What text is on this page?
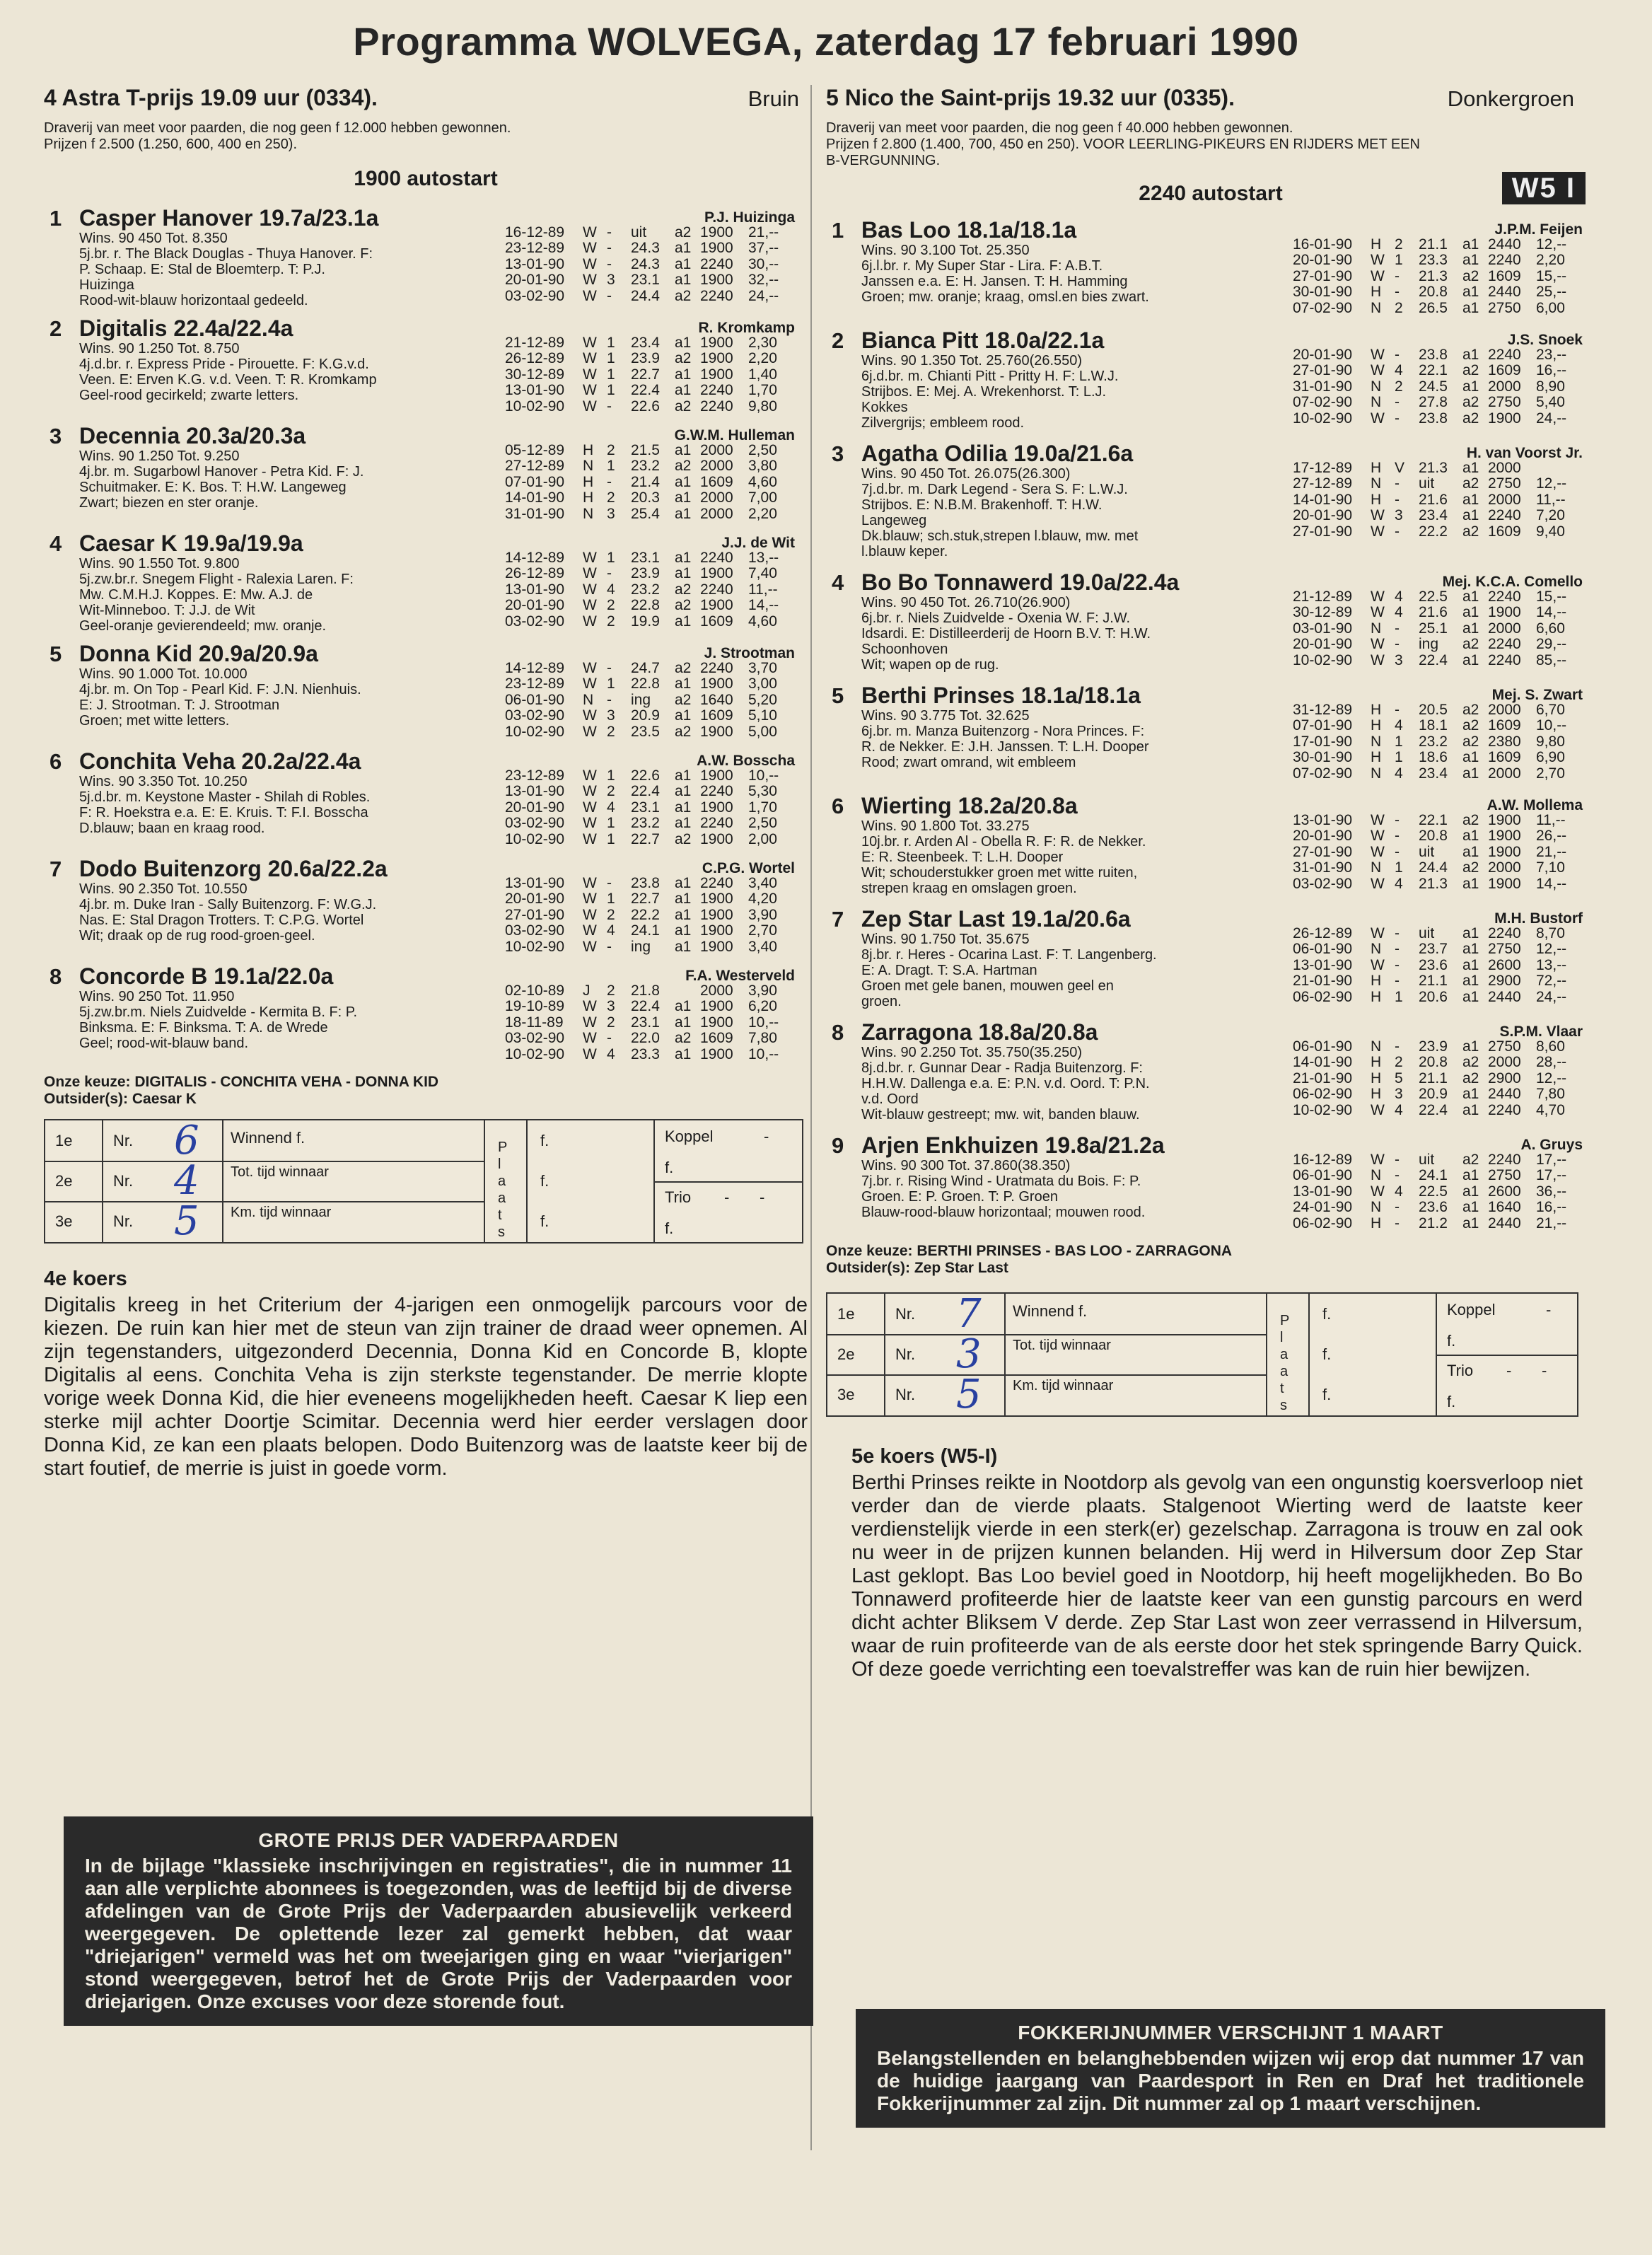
Programma WOLVEGA, zaterdag 17 februari 1990
4 Astra T-prijs 19.09 uur (0334).	Bruin
Draverij van meet voor paarden, die nog geen f 12.000 hebben gewonnen.
Prijzen f 2.500 (1.250, 600, 400 en 250).
1900 autostart
1 Casper Hanover 19.7a/23.1a	P.J. Huizinga
Wins. 90 450 Tot. 8.350
5j.br. r. The Black Douglas - Thuya Hanover. F:
P. Schaap. E: Stal de Bloemterp. T: P.J.
Huizinga
Rood-wit-blauw horizontaal gedeeld.
16-12-89	W -	uit	a2 1900	21,--
23-12-89	W -	24.3	a1 1900	37,--
13-01-90	W -	24.3	a1 2240	30,--
20-01-90	W 3	23.1	a1 1900	32,--
03-02-90	W -	24.4	a2 2240	24,--
2 Digitalis 22.4a/22.4a	R. Kromkamp
Wins. 90 1.250 Tot. 8.750
4j.d.br. r. Express Pride - Pirouette. F: K.G.v.d.
Veen. E: Erven K.G. v.d. Veen. T: R. Kromkamp
Geel-rood gecirkeld; zwarte letters.
21-12-89	W 1	23.4	a1 1900	2,30
26-12-89	W 1	23.9	a2 1900	2,20
30-12-89	W 1	22.7	a1 1900	1,40
13-01-90	W 1	22.4	a1 2240	1,70
10-02-90	W -	22.6	a2 2240	9,80
3 Decennia 20.3a/20.3a	G.W.M. Hulleman
Wins. 90 1.250 Tot. 9.250
4j.br. m. Sugarbowl Hanover - Petra Kid. F: J.
Schuitmaker. E: K. Bos. T: H.W. Langeweg
Zwart; biezen en ster oranje.
05-12-89	H 2	21.5	a1 2000	2,50
27-12-89	N 1	23.2	a2 2000	3,80
07-01-90	H -	21.4	a1 1609	4,60
14-01-90	H 2	20.3	a1 2000	7,00
31-01-90	N 3	25.4	a1 2000	2,20
4 Caesar K 19.9a/19.9a	J.J. de Wit
Wins. 90 1.550 Tot. 9.800
5j.zw.br.r. Snegem Flight - Ralexia Laren. F:
Mw. C.M.H.J. Koppes. E: Mw. A.J. de
Wit-Minneboo. T: J.J. de Wit
Geel-oranje gevierendeeld; mw. oranje.
14-12-89	W 1	23.1	a1 2240	13,--
26-12-89	W -	23.9	a1 1900	7,40
13-01-90	W 4	23.2	a2 2240	11,--
20-01-90	W 2	22.8	a2 1900	14,--
03-02-90	W 2	19.9	a1 1609	4,60
5 Donna Kid 20.9a/20.9a	J. Strootman
Wins. 90 1.000 Tot. 10.000
4j.br. m. On Top - Pearl Kid. F: J.N. Nienhuis.
E: J. Strootman. T: J. Strootman
Groen; met witte letters.
14-12-89	W -	24.7	a2 2240	3,70
23-12-89	W 1	22.8	a1 1900	3,00
06-01-90	N -	ing	a2 1640	5,20
03-02-90	W 3	20.9	a1 1609	5,10
10-02-90	W 2	23.5	a2 1900	5,00
6 Conchita Veha 20.2a/22.4a	A.W. Bosscha
Wins. 90 3.350 Tot. 10.250
5j.d.br. m. Keystone Master - Shilah di Robles.
F: R. Hoekstra e.a. E: E. Kruis. T: F.I. Bosscha
D.blauw; baan en kraag rood.
23-12-89	W 1	22.6	a1 1900	10,--
13-01-90	W 2	22.4	a1 2240	5,30
20-01-90	W 4	23.1	a1 1900	1,70
03-02-90	W 1	23.2	a1 2240	2,50
10-02-90	W 1	22.7	a2 1900	2,00
7 Dodo Buitenzorg 20.6a/22.2a	C.P.G. Wortel
Wins. 90 2.350 Tot. 10.550
4j.br. m. Duke Iran - Sally Buitenzorg. F: W.G.J.
Nas. E: Stal Dragon Trotters. T: C.P.G. Wortel
Wit; draak op de rug rood-groen-geel.
13-01-90	W -	23.8	a1 2240	3,40
20-01-90	W 1	22.7	a1 1900	4,20
27-01-90	W 2	22.2	a1 1900	3,90
03-02-90	W 4	24.1	a1 1900	2,70
10-02-90	W -	ing	a1 1900	3,40
8 Concorde B 19.1a/22.0a	F.A. Westerveld
Wins. 90 250 Tot. 11.950
5j.zw.br.m. Niels Zuidvelde - Kermita B. F: P.
Binksma. E: F. Binksma. T: A. de Wrede
Geel; rood-wit-blauw band.
02-10-89	J	2	21.8	2000	3,90
19-10-89	W 3	22.4	a1 1900	6,20
18-11-89	W 2	23.1	a1 1900	10,--
03-02-90	W -	22.0	a2 1609	7,80
10-02-90	W 4	23.3	a1 1900	10,--
Onze keuze: DIGITALIS - CONCHITA VEHA - DONNA KID
Outsider(s): Caesar K
1e	Nr. 6 Winnend f.	f.
2e	Nr. 4 Tot. tijd winnaar	f.
3e	Nr. 5 Km. tijd winnaar	f.
Plaats
Koppel	-
f.
Trio - -
f.
4e koers

Digitalis kreeg in het Criterium der 4-jarigen een onmogelijk parcours voor de kiezen. De ruin kan hier met de steun van zijn trainer de draad weer opnemen. Al zijn tegenstanders, uitgezonderd Decennia, Donna Kid en Concorde B, klopte Digitalis al eens. Conchita Veha is zijn sterkste tegenstander. De merrie klopte vorige week Donna Kid, die hier eveneens mogelijkheden heeft. Caesar K liep een sterke mijl achter Doortje Scimitar. Decennia werd hier eerder verslagen door Donna Kid, ze kan een plaats belopen. Dodo Buitenzorg was de laatste keer bij de start foutief, de merrie is juist in goede vorm.

5 Nico the Saint-prijs 19.32 uur (0335).	Donkergroen
Draverij van meet voor paarden, die nog geen f 40.000 hebben gewonnen.
Prijzen f 2.800 (1.400, 700, 450 en 250). VOOR LEERLING-PIKEURS EN RIJDERS MET EEN
B-VERGUNNING.
2240 autostart	W5 I
1 Bas Loo 18.1a/18.1a	J.P.M. Feijen
Wins. 90 3.100 Tot. 25.350
6j.l.br. r. My Super Star - Lira. F: A.B.T.
Janssen e.a. E: H. Jansen. T: H. Hamming
Groen; mw. oranje; kraag, omsl.en bies zwart.
16-01-90	H 2	21.1	a1 2440	12,--
20-01-90	W 1	23.3	a1 2240	2,20
27-01-90	W -	21.3	a2 1609	15,--
30-01-90	H -	20.8	a1 2440	25,--
07-02-90	N 2	26.5	a1 2750	6,00
2 Bianca Pitt 18.0a/22.1a	J.S. Snoek
Wins. 90 1.350 Tot. 25.760(26.550)
6j.d.br. m. Chianti Pitt - Pritty H. F: L.W.J.
Strijbos. E: Mej. A. Wrekenhorst. T: L.J.
Kokkes
Zilvergrijs; embleem rood.
20-01-90	W -	23.8	a1 2240	23,--
27-01-90	W 4	22.1	a2 1609	16,--
31-01-90	N 2	24.5	a1 2000	8,90
07-02-90	N -	27.8	a2 2750	5,40
10-02-90	W -	23.8	a2 1900	24,--
3 Agatha Odilia 19.0a/21.6a	H. van Voorst Jr.
Wins. 90 450 Tot. 26.075(26.300)
7j.d.br. m. Dark Legend - Sera S. F: L.W.J.
Strijbos. E: N.B.M. Brakenhoff. T: H.W.
Langeweg
Dk.blauw; sch.stuk,strepen l.blauw, mw. met
l.blauw keper.
17-12-89	H V 21.3	a1 2000
27-12-89	N -	uit	a2 2750	12,--
14-01-90	H -	21.6	a1 2000	11,--
20-01-90	W 3	23.4	a1 2240	7,20
27-01-90	W -	22.2	a2 1609	9,40
4 Bo Bo Tonnawerd 19.0a/22.4a	Mej. K.C.A. Comello
Wins. 90 450 Tot. 26.710(26.900)
6j.br. r. Niels Zuidvelde - Oxenia W. F: J.W.
Idsardi. E: Distilleerderij de Hoorn B.V. T: H.W.
Schoonhoven
Wit; wapen op de rug.
21-12-89	W 4	22.5	a1 2240	15,--
30-12-89	W 4	21.6	a1 1900	14,--
03-01-90	N -	25.1	a1 2000	6,60
20-01-90	W -	ing	a2 2240	29,--
10-02-90	W 3	22.4	a1 2240	85,--
5 Berthi Prinses 18.1a/18.1a	Mej. S. Zwart
Wins. 90 3.775 Tot. 32.625
6j.br. m. Manza Buitenzorg - Nora Princes. F:
R. de Nekker. E: J.H. Janssen. T: L.H. Dooper
Rood; zwart omrand, wit embleem
31-12-89	H -	20.5	a2 2000	6,70
07-01-90	H 4	18.1	a2 1609	10,--
17-01-90	N 1	23.2	a2 2380	9,80
30-01-90	H 1	18.6	a1 1609	6,90
07-02-90	N 4	23.4	a1 2000	2,70
6 Wierting 18.2a/20.8a	A.W. Mollema
Wins. 90 1.800 Tot. 33.275
10j.br. r. Arden Al - Obella R. F: R. de Nekker.
E: R. Steenbeek. T: L.H. Dooper
Wit; schouderstukker groen met witte ruiten,
strepen kraag en omslagen groen.
13-01-90	W -	22.1	a2 1900	11,--
20-01-90	W -	20.8	a1 1900	26,--
27-01-90	W -	uit	a1 1900	21,--
31-01-90	N 1	24.4	a2 2000	7,10
03-02-90	W 4	21.3	a1 1900	14,--
7 Zep Star Last 19.1a/20.6a	M.H. Bustorf
Wins. 90 1.750 Tot. 35.675
8j.br. r. Heres - Ocarina Last. F: T. Langenberg.
E: A. Dragt. T: S.A. Hartman
Groen met gele banen, mouwen geel en
groen.
26-12-89	W -	uit	a1 2240	8,70
06-01-90	N -	23.7	a1 2750	12,--
13-01-90	W -	23.6	a1 2600	13,--
21-01-90	H -	21.1	a1 2900	72,--
06-02-90	H 1	20.6	a1 2440	24,--
8 Zarragona 18.8a/20.8a	S.P.M. Vlaar
Wins. 90 2.250 Tot. 35.750(35.250)
8j.d.br. r. Gunnar Dear - Radja Buitenzorg. F:
H.H.W. Dallenga e.a. E: P.N. v.d. Oord. T: P.N.
v.d. Oord
Wit-blauw gestreept; mw. wit, banden blauw.
06-01-90	N -	23.9	a1 2750	8,60
14-01-90	H 2	20.8	a2 2000	28,--
21-01-90	H 5	21.1	a2 2900	12,--
06-02-90	H 3	20.9	a1 2440	7,80
10-02-90	W 4	22.4	a1 2240	4,70
9 Arjen Enkhuizen 19.8a/21.2a	A. Gruys
Wins. 90 300 Tot. 37.860(38.350)
7j.br. r. Rising Wind - Uratmata du Bois. F: P.
Groen. E: P. Groen. T: P. Groen
Blauw-rood-blauw horizontaal; mouwen rood.
16-12-89	W -	uit	a2 2240	17,--
06-01-90	N -	24.1	a1 2750	17,--
13-01-90	W 4	22.5	a1 2600	36,--
24-01-90	N -	23.6	a1 1640	16,--
06-02-90	H -	21.2	a1 2440	21,--
Onze keuze: BERTHI PRINSES - BAS LOO - ZARRAGONA
Outsider(s): Zep Star Last
1e	Nr. 7 Winnend f.	f.
2e	Nr. 3 Tot. tijd winnaar	f.
3e	Nr. 5 Km. tijd winnaar	f.
Plaats
Koppel	-
f.
Trio - -
f.
5e koers (W5-I)

Berthi Prinses reikte in Nootdorp als gevolg van een ongunstig koersverloop niet verder dan de vierde plaats. Stalgenoot Wierting werd de laatste keer verdienstelijk vierde in een sterk(er) gezelschap. Zarragona is trouw en zal ook nu weer in de prijzen kunnen belanden. Hij werd in Hilversum door Zep Star Last geklopt. Bas Loo beviel goed in Nootdorp, hij heeft mogelijkheden. Bo Bo Tonnawerd profiteerde hier de laatste keer van een gunstig parcours en werd dicht achter Bliksem V derde. Zep Star Last won zeer verrassend in Hilversum, waar de ruin profiteerde van de als eerste door het stek springende Barry Quick. Of deze goede verrichting een toevalstreffer was kan de ruin hier bewijzen.

GROTE PRIJS DER VADERPAARDEN

In de bijlage "klassieke inschrijvingen en registraties", die in nummer 11 aan alle verplichte abonnees is toegezonden, was de leeftijd bij de diverse afdelingen van de Grote Prijs der Vaderpaarden abusievelijk verkeerd weergegeven. De oplettende lezer zal gemerkt hebben, dat waar "driejarigen" vermeld was het om tweejarigen ging en waar "vierjarigen" stond weergegeven, betrof het de Grote Prijs der Vaderpaarden voor driejarigen. Onze excuses voor deze storende fout.

FOKKERIJNUMMER VERSCHIJNT 1 MAART

Belangstellenden en belanghebbenden wijzen wij erop dat nummer 17 van de huidige jaargang van Paardesport in Ren en Draf het traditionele Fokkerijnummer zal zijn. Dit nummer zal op 1 maart verschijnen.
